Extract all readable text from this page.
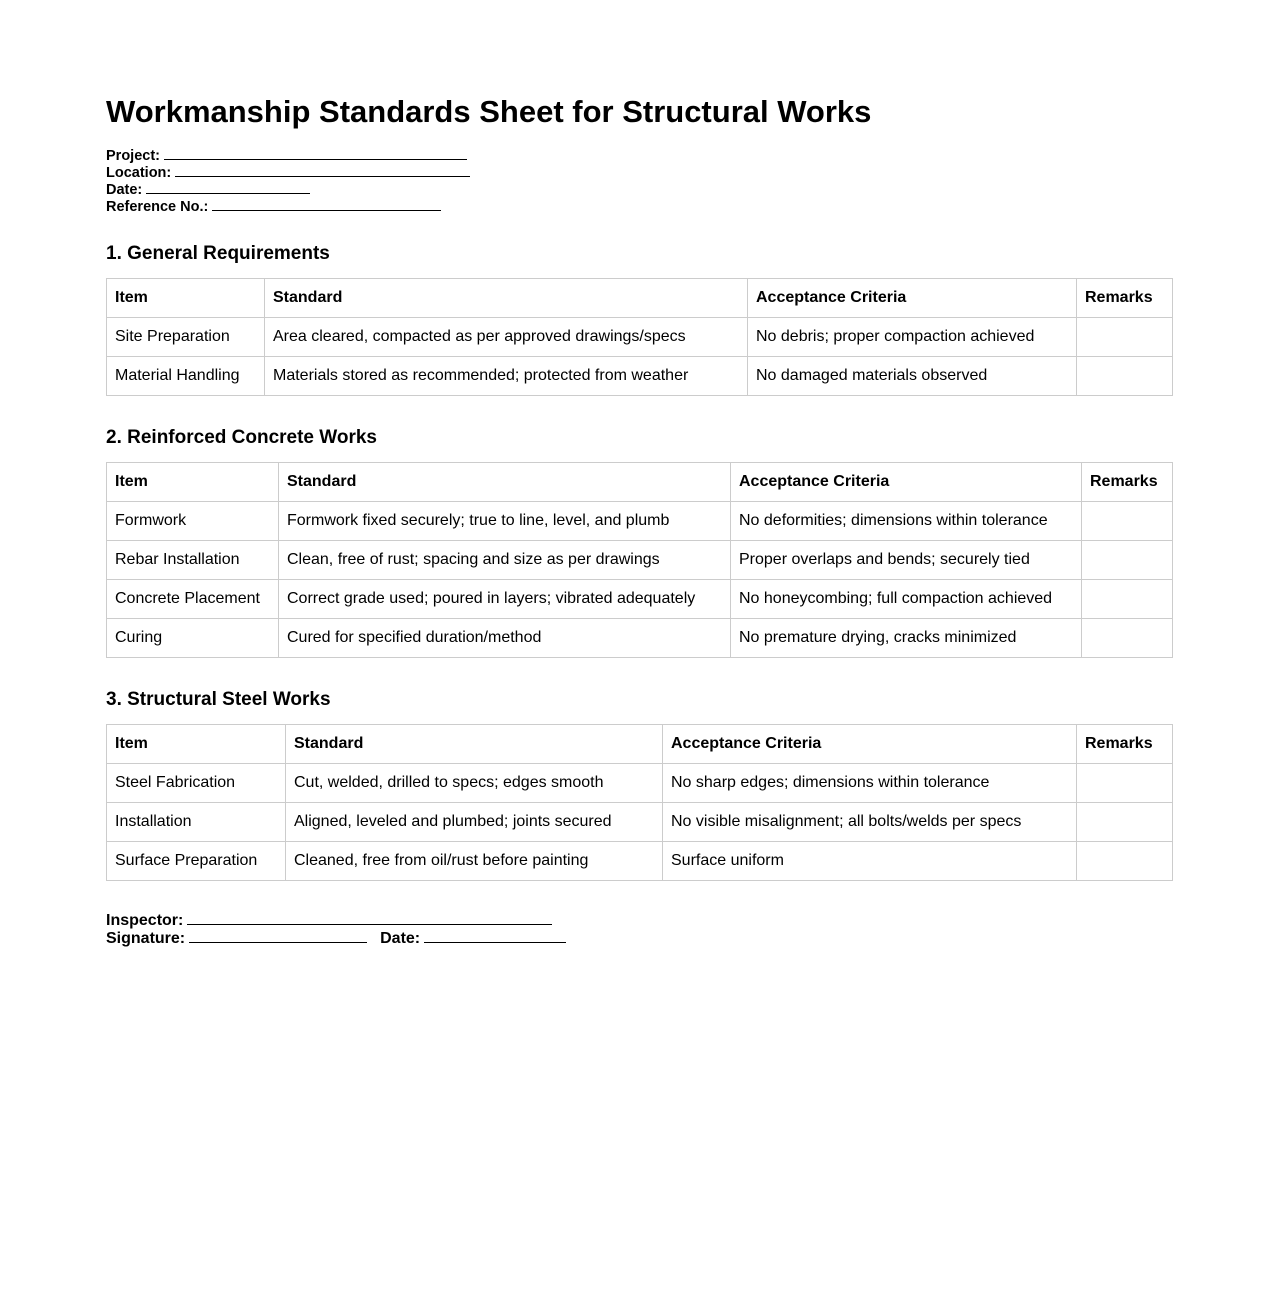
Workmanship Standards Sheet for Structural Works
Project:
Location:
Date:
Reference No.:
1. General Requirements
Item	Standard	Acceptance Criteria	Remarks
Site Preparation	Area cleared, compacted as per approved drawings/specs	No debris; proper compaction achieved	
Material Handling	Materials stored as recommended; protected from weather	No damaged materials observed	
2. Reinforced Concrete Works
Item	Standard	Acceptance Criteria	Remarks
Formwork	Formwork fixed securely; true to line, level, and plumb	No deformities; dimensions within tolerance	
Rebar Installation	Clean, free of rust; spacing and size as per drawings	Proper overlaps and bends; securely tied	
Concrete Placement	Correct grade used; poured in layers; vibrated adequately	No honeycombing; full compaction achieved	
Curing	Cured for specified duration/method	No premature drying, cracks minimized	
3. Structural Steel Works
Item	Standard	Acceptance Criteria	Remarks
Steel Fabrication	Cut, welded, drilled to specs; edges smooth	No sharp edges; dimensions within tolerance	
Installation	Aligned, leveled and plumbed; joints secured	No visible misalignment; all bolts/welds per specs	
Surface Preparation	Cleaned, free from oil/rust before painting	Surface uniform	
Inspector:
Signature:	Date:
